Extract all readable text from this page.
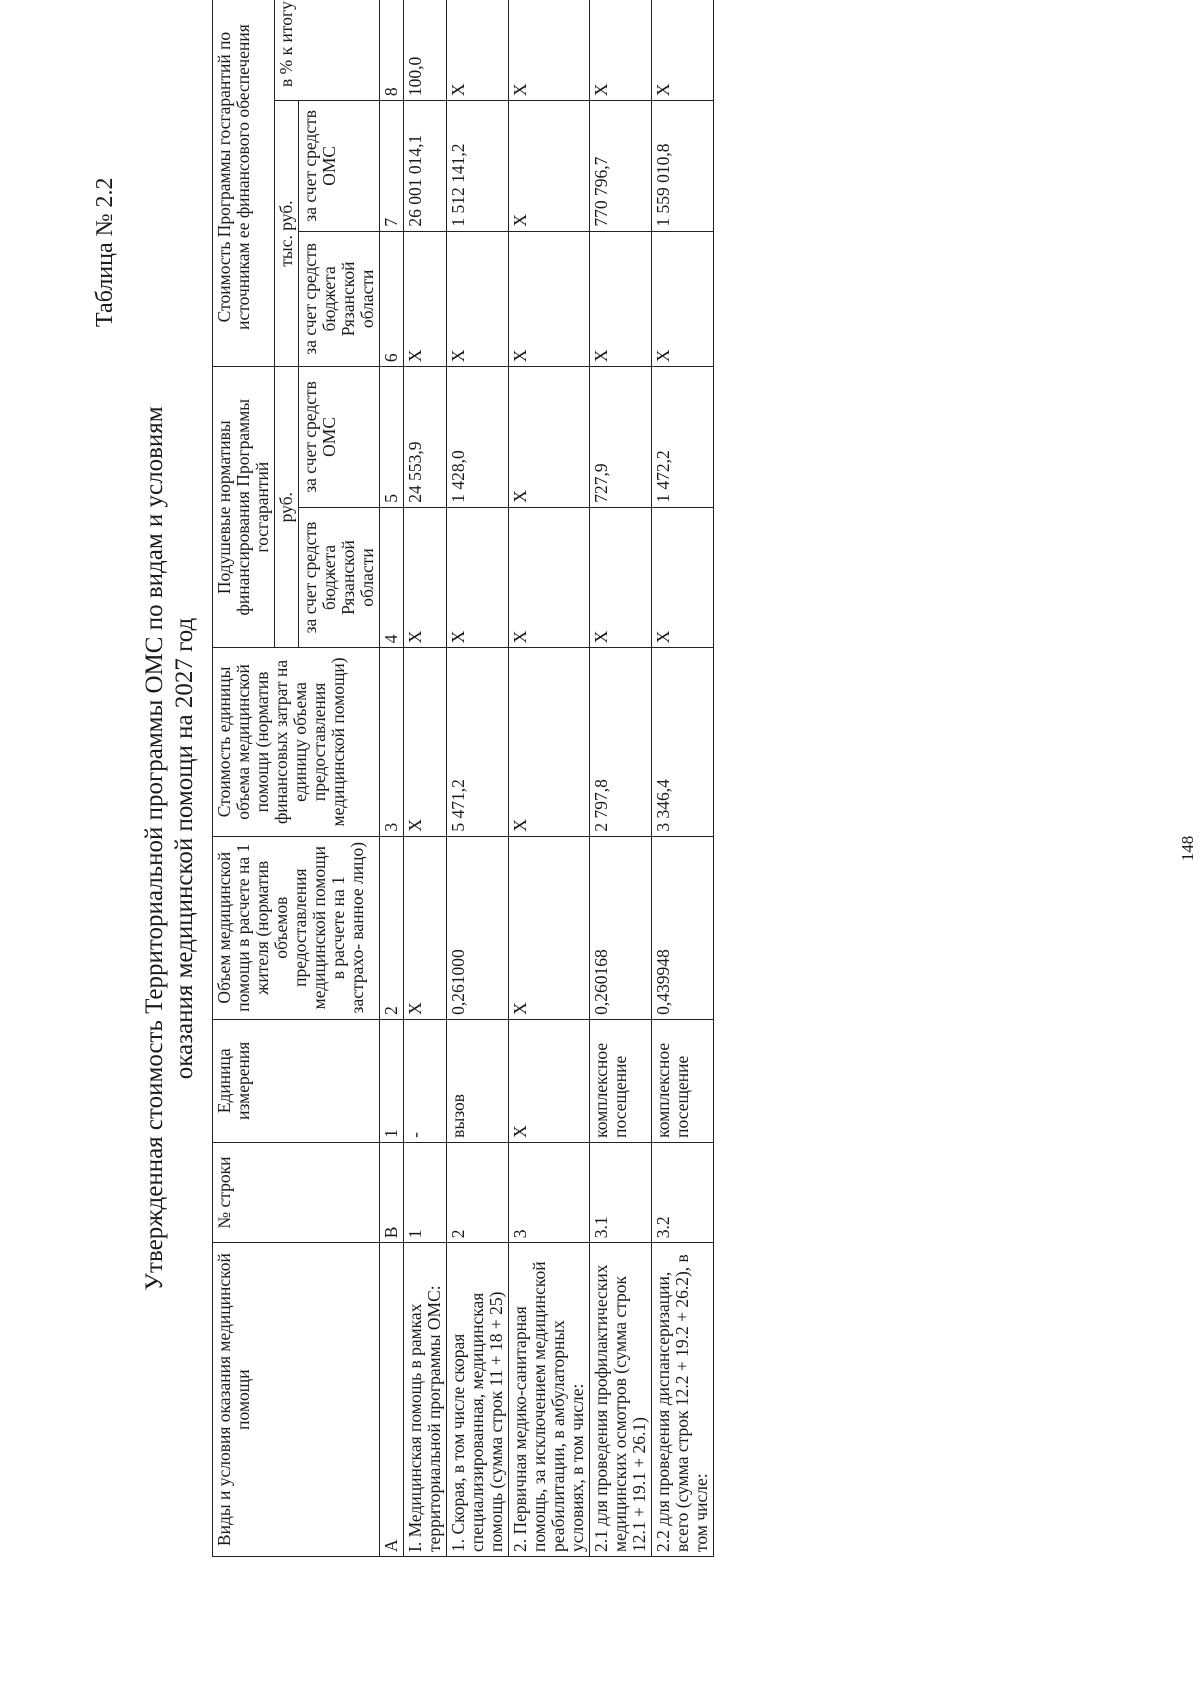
148
Таблица № 2.2
Утвержденная стоимость Территориальной программы ОМС по видам и условиям оказания медицинской помощи на 2027 год
Виды и условия оказания медицинской помощи	№ строки	Единица измерения	Объем медицинской помощи в расчете на 1 жителя (норматив объемов предоставления медицинской помощи в расчете на 1 застрахо- ванное лицо)	Стоимость единицы объема медицинской помощи (норматив финансовых затрат на единицу объема предоставления медицинской помощи)	Подушевые нормативы финансирования Программы госгарантий		Стоимость Программы госгарантий по источникам ее финансового обеспечения		
					руб.		тыс. руб.		в % к итогу
					за счет средств бюджета Рязанской области	за счет средств ОМС	за счет средств бюджета Рязанской области	за счет средств ОМС	
А	В	1	2	3	4	5	6	7	8
I. Медицинская помощь в рамках территориальной программы ОМС:	1	-	Х	Х	Х	24 553,9	Х	26 001 014,1	100,0
1. Скорая, в том числе скорая специализированная, медицинская помощь (сумма строк 11 + 18 + 25)	2	вызов	0,261000	5 471,2	Х	1 428,0	Х	1 512 141,2	Х
2. Первичная медико-санитарная помощь, за исключением медицинской реабилитации, в амбулаторных условиях, в том числе:	3	Х	Х	Х	Х	Х	Х	Х	Х
2.1 для проведения профилактических медицинских осмотров (сумма строк 12.1 + 19.1 + 26.1)	3.1	комплексное посещение	0,260168	2 797,8	Х	727,9	Х	770 796,7	Х
2.2 для проведения диспансеризации, всего (сумма строк 12.2 + 19.2 + 26.2), в том числе:	3.2	комплексное посещение	0,439948	3 346,4	Х	1 472,2	Х	1 559 010,8	Х
